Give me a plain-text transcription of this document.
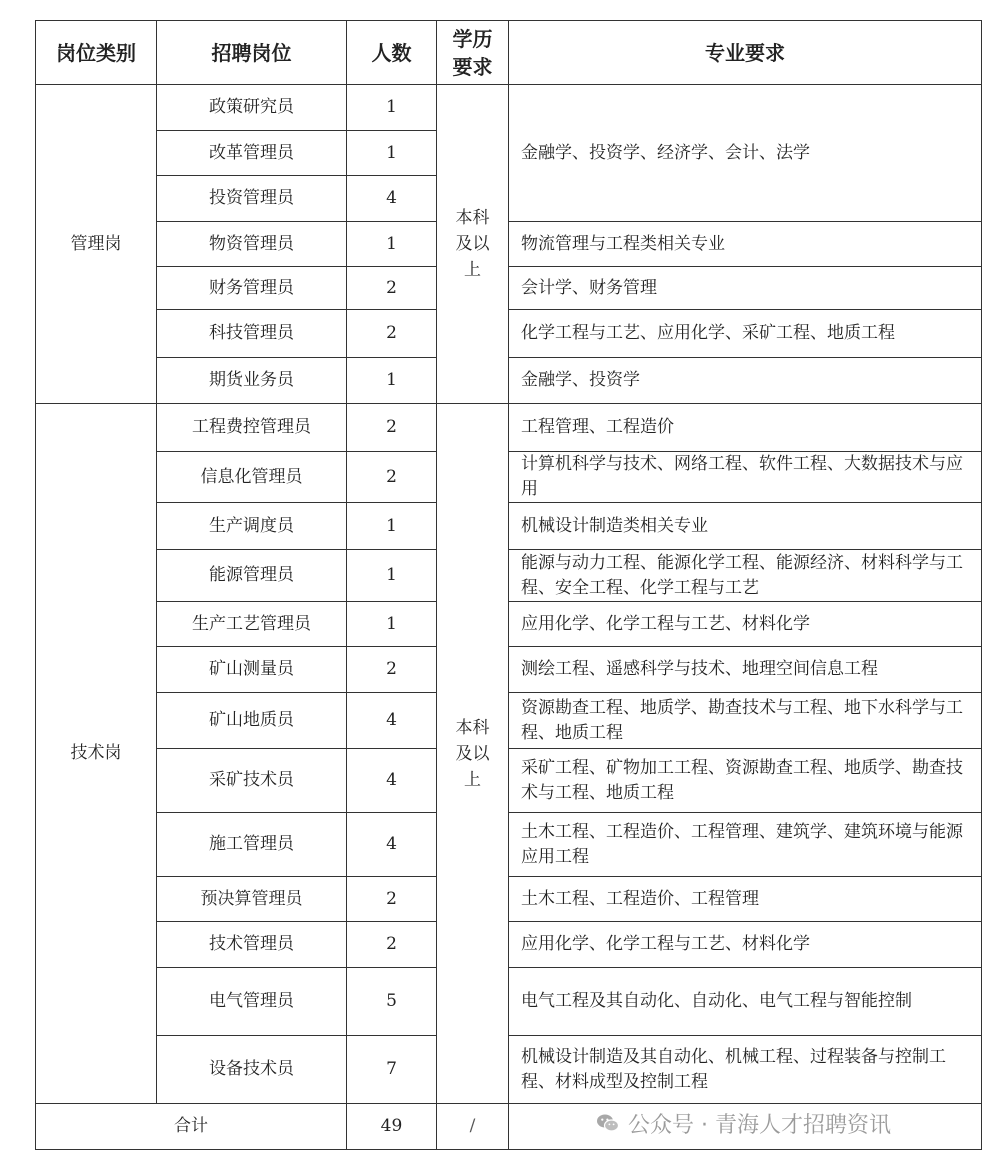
岗位类别	招聘岗位	人数	学历要求	专业要求
管理岗	政策研究员	1	本科及以上	金融学、投资学、经济学、会计、法学
	改革管理员	1		
	投资管理员	4		
	物资管理员	1		物流管理与工程类相关专业
	财务管理员	2		会计学、财务管理
	科技管理员	2		化学工程与工艺、应用化学、采矿工程、地质工程
	期货业务员	1		金融学、投资学
技术岗	工程费控管理员	2	本科及以上	工程管理、工程造价
	信息化管理员	2		计算机科学与技术、网络工程、软件工程、大数据技术与应用
	生产调度员	1		机械设计制造类相关专业
	能源管理员	1		能源与动力工程、能源化学工程、能源经济、材料科学与工程、安全工程、化学工程与工艺
	生产工艺管理员	1		应用化学、化学工程与工艺、材料化学
	矿山测量员	2		测绘工程、遥感科学与技术、地理空间信息工程
	矿山地质员	4		资源勘查工程、地质学、勘查技术与工程、地下水科学与工程、地质工程
	采矿技术员	4		采矿工程、矿物加工工程、资源勘查工程、地质学、勘查技术与工程、地质工程
	施工管理员	4		土木工程、工程造价、工程管理、建筑学、建筑环境与能源应用工程
	预决算管理员	2		土木工程、工程造价、工程管理
	技术管理员	2		应用化学、化学工程与工艺、材料化学
	电气管理员	5		电气工程及其自动化、自动化、电气工程与智能控制
	设备技术员	7		机械设计制造及其自动化、机械工程、过程装备与控制工程、材料成型及控制工程
合计		49	/		公众号 · 青海人才招聘资讯
